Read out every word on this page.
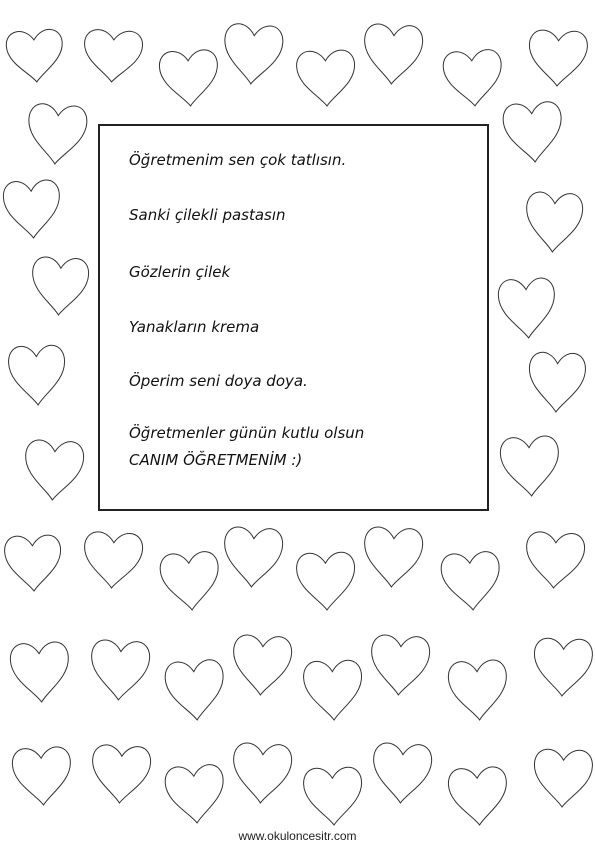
Öğretmenim sen çok tatlısın.
Sanki çilekli pastasın
Gözlerin çilek
Yanakların krema
Öperim seni doya doya.
Öğretmenler günün kutlu olsun
CANIM ÖĞRETMENİM :)
www.okuloncesitr.com
